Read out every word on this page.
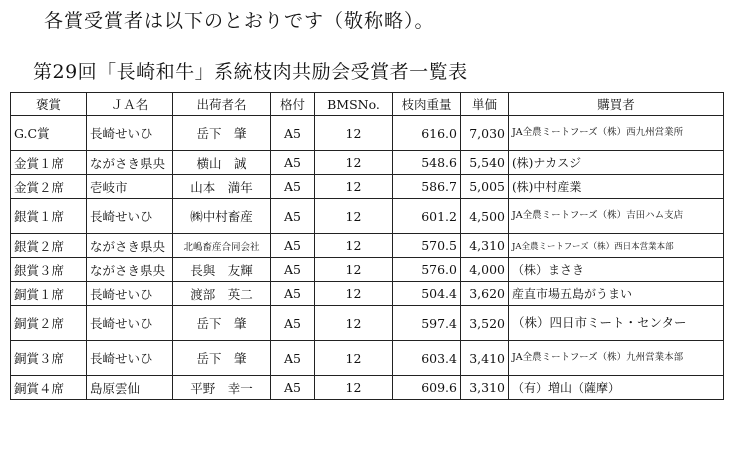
各賞受賞者は以下のとおりです（敬称略）。
第29回「長崎和牛」系統枝肉共励会受賞者一覧表
褒賞	ＪＡ名	出荷者名	格付	BMSNo.	枝肉重量	単価	購買者
G.C賞	長崎せいひ	岳下　肇	A5	12	616.0	7,030	JA全農ミートフーズ（株）西九州営業所
金賞１席	ながさき県央	横山　誠	A5	12	548.6	5,540	(株)ナカスジ
金賞２席	壱岐市	山本　満年	A5	12	586.7	5,005	(株)中村産業
銀賞１席	長崎せいひ	㈱中村畜産	A5	12	601.2	4,500	JA全農ミートフーズ（株）吉田ハム支店
銀賞２席	ながさき県央	北嶋畜産合同会社	A5	12	570.5	4,310	JA全農ミートフーズ（株）西日本営業本部
銀賞３席	ながさき県央	長與　友輝	A5	12	576.0	4,000	（株）まさき
銅賞１席	長崎せいひ	渡部　英二	A5	12	504.4	3,620	産直市場五島がうまい
銅賞２席	長崎せいひ	岳下　肇	A5	12	597.4	3,520	（株）四日市ミート・センター
銅賞３席	長崎せいひ	岳下　肇	A5	12	603.4	3,410	JA全農ミートフーズ（株）九州営業本部
銅賞４席	島原雲仙	平野　幸一	A5	12	609.6	3,310	（有）増山（薩摩）
